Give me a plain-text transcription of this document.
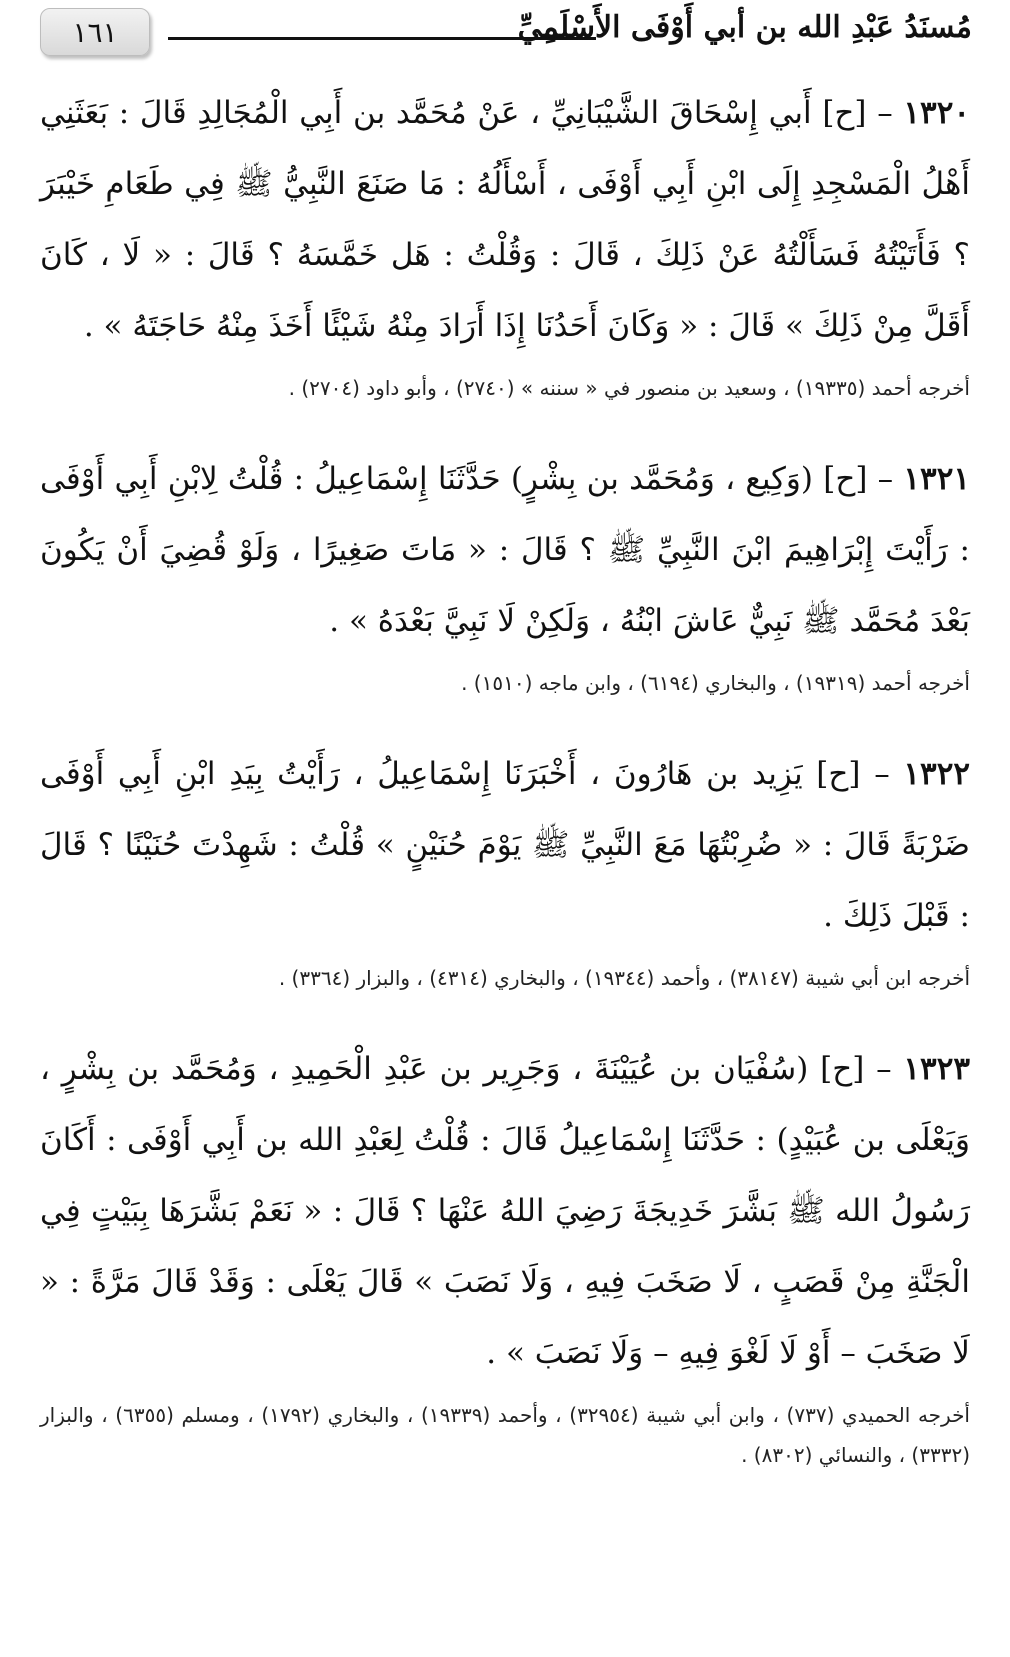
١٦١	مُسنَدُ عَبْدِ الله بن أبي أَوْفَى الأَسْلَمِيِّ

١٣٢٠ – [ح] أَبي إِسْحَاقَ الشَّيْبَانِيِّ ، عَنْ مُحَمَّد بن أَبِي الْمُجَالِدِ قَالَ : بَعَثَنِي أَهْلُ الْمَسْجِدِ إِلَى ابْنِ أَبِي أَوْفَى ، أَسْأَلُهُ : مَا صَنَعَ النَّبِيُّ ﷺ فِي طَعَامِ خَيْبَرَ ؟ فَأَتَيْتُهُ فَسَأَلْتُهُ عَنْ ذَلِكَ ، قَالَ : وَقُلْتُ : هَل خَمَّسَهُ ؟ قَالَ : « لَا ، كَانَ أَقَلَّ مِنْ ذَلِكَ » قَالَ : « وَكَانَ أَحَدُنَا إِذَا أَرَادَ مِنْهُ شَيْئًا أَخَذَ مِنْهُ حَاجَتَهُ » .

أخرجه أحمد (١٩٣٣٥) ، وسعيد بن منصور في « سننه » (٢٧٤٠) ، وأبو داود (٢٧٠٤) .

١٣٢١ – [ح] (وَكِيع ، وَمُحَمَّد بن بِشْرٍ) حَدَّثَنَا إِسْمَاعِيلُ : قُلْتُ لِابْنِ أَبِي أَوْفَى : رَأَيْتَ إِبْرَاهِيمَ ابْنَ النَّبِيِّ ﷺ ؟ قَالَ : « مَاتَ صَغِيرًا ، وَلَوْ قُضِيَ أَنْ يَكُونَ بَعْدَ مُحَمَّد ﷺ نَبِيٌّ عَاشَ ابْنُهُ ، وَلَكِنْ لَا نَبِيَّ بَعْدَهُ » .

أخرجه أحمد (١٩٣١٩) ، والبخاري (٦١٩٤) ، وابن ماجه (١٥١٠) .

١٣٢٢ – [ح] يَزِيد بن هَارُونَ ، أَخْبَرَنَا إِسْمَاعِيلُ ، رَأَيْتُ بِيَدِ ابْنِ أَبِي أَوْفَى ضَرْبَةً قَالَ : « ضُرِبْتُهَا مَعَ النَّبِيِّ ﷺ يَوْمَ حُنَيْنٍ » قُلْتُ : شَهِدْتَ حُنَيْنًا ؟ قَالَ : قَبْلَ ذَلِكَ .

أخرجه ابن أبي شيبة (٣٨١٤٧) ، وأحمد (١٩٣٤٤) ، والبخاري (٤٣١٤) ، والبزار (٣٣٦٤) .

١٣٢٣ – [ح] (سُفْيَان بن عُيَيْنَةَ ، وَجَرِير بن عَبْدِ الْحَمِيدِ ، وَمُحَمَّد بن بِشْرٍ ، وَيَعْلَى بن عُبَيْدٍ) : حَدَّثَنَا إِسْمَاعِيلُ قَالَ : قُلْتُ لِعَبْدِ الله بن أَبِي أَوْفَى : أَكَانَ رَسُولُ الله ﷺ بَشَّرَ خَدِيجَةَ رَضِيَ اللهُ عَنْهَا ؟ قَالَ : « نَعَمْ بَشَّرَهَا بِبَيْتٍ فِي الْجَنَّةِ مِنْ قَصَبٍ ، لَا صَخَبَ فِيهِ ، وَلَا نَصَبَ » قَالَ يَعْلَى : وَقَدْ قَالَ مَرَّةً : « لَا صَخَبَ – أَوْ لَا لَغْوَ فِيهِ – وَلَا نَصَبَ » .

أخرجه الحميدي (٧٣٧) ، وابن أبي شيبة (٣٢٩٥٤) ، وأحمد (١٩٣٣٩) ، والبخاري (١٧٩٢) ، ومسلم (٦٣٥٥) ، والبزار (٣٣٣٢) ، والنسائي (٨٣٠٢) .
